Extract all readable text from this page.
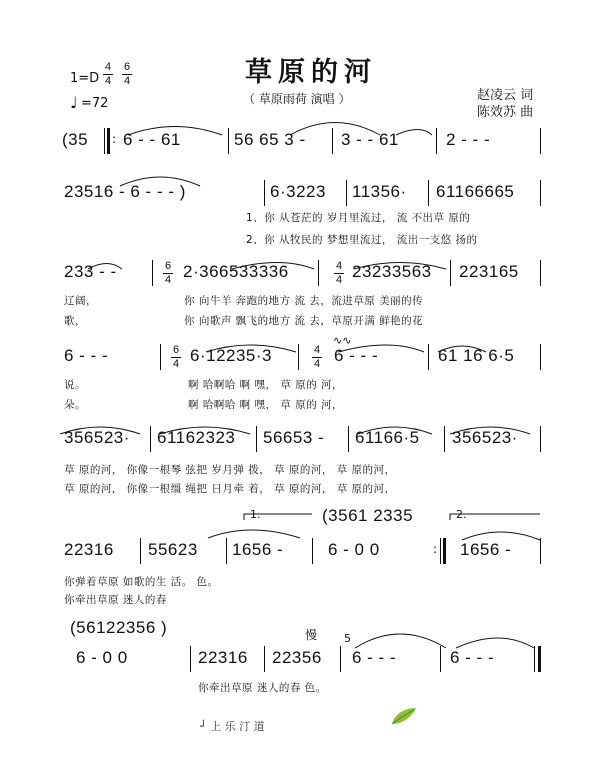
草原的河
（ 草原雨荷 演唱 ）
1=D
4
4
6
4
♩ =72
赵凌云 词
陈效苏 曲
(35 : 6 - - 61	56 65 3 - 3 - - 61	2 - - -
23516 - 6 - - - )	6·3223 11356· 61166665
1、你 从苍茫的 岁月里流过， 流 不出草 原的
2、你 从牧民的 梦想里流过， 流出一支悠 扬的
233 - -	6
4 2·366533336	4
4 23233563 223165
辽阔，	你 向牛羊 奔跑的地方 流 去，流进草原 美丽的传
歌，	你 向歌声 飘飞的地方 流 去，草原开满 鲜艳的花
6 - - -	6
4 6·12235·3	4
4
∿∿
6 - - -	61 16 6·5
说。	啊 哈啊哈 啊 嘿， 草 原的 河，
朵。	啊 哈啊哈 啊 嘿， 草 原的 河，
356523· 61162323 56653 - 61166·5 356523·
草 原的河， 你像一根琴 弦把 岁月弹 拨， 草 原的河， 草 原的河，
草 原的河， 你像一根缰 绳把 日月牵 着， 草 原的河， 草 原的河，
1.	(3561 2335	2.
22316 55623 1656 -	6 - 0 0	: 1656 -
你弹着草原 如歌的生 活。 色。
你牵出草原 迷人的春
(56122356 )	慢 5
6 - 0 0	22316 22356 6 - - -	6 - - -
你牵出草原 迷人的春 色。
┘ 上 乐 汀 道
